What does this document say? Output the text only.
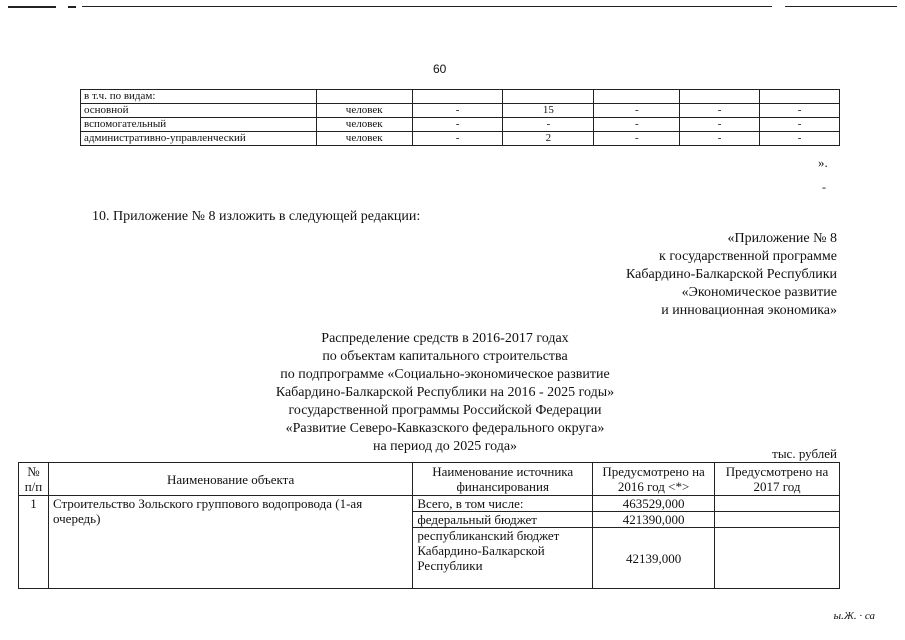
60
в т.ч. по видам:						
основной	человек	-	15	-	-	-
вспомогательный	человек	-	-	-	-	-
административно-управленческий	человек	-	2	-	-	-
».
-
10. Приложение № 8 изложить в следующей редакции:
«Приложение № 8
к государственной программе
Кабардино-Балкарской Республики
«Экономическое развитие
и инновационная экономика»
Распределение средств в 2016-2017 годах
по объектам капитального строительства
по подпрограмме «Социально-экономическое развитие
Кабардино-Балкарской Республики на 2016 - 2025 годы»
государственной программы Российской Федерации
«Развитие Северо-Кавказского федерального округа»
на период до 2025 года»	тыс. рублей
№ п/п	Наименование объекта	Наименование источника финансирования	Предусмотрено на 2016 год <*>	Предусмотрено на 2017 год
1	Строительство Зольского группового водопровода (1-ая очередь)	Всего, в том числе:	463529,000	
		федеральный бюджет	421390,000	
		республиканский бюджет Кабардино-Балкарской Республики	42139,000	
ы.Ж. · са
